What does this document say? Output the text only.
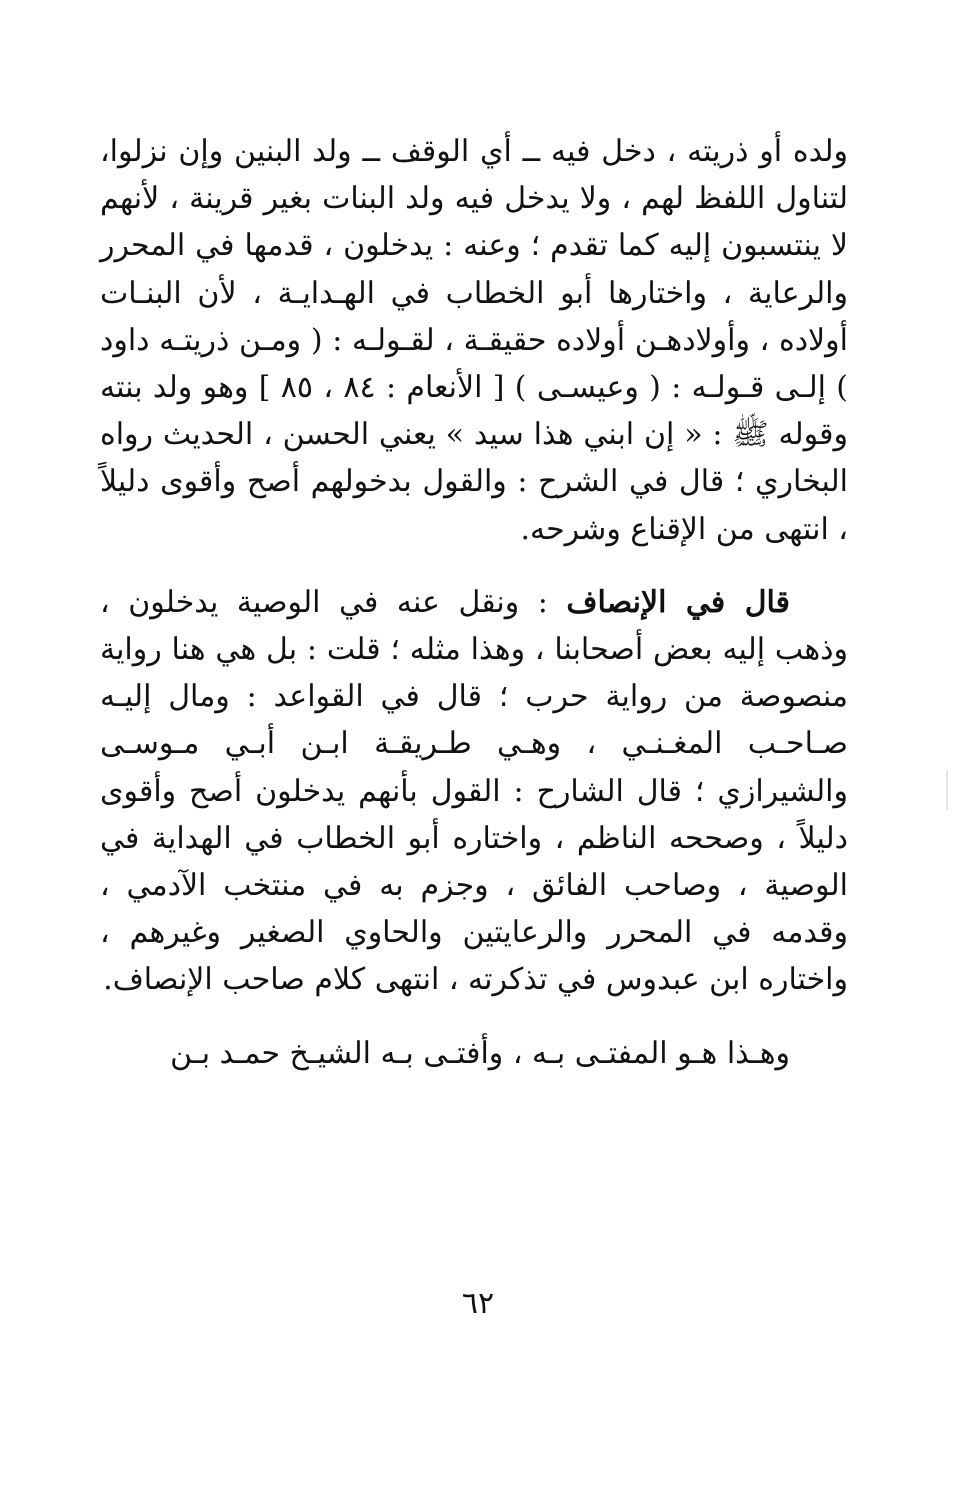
ولده أو ذريته ، دخل فيه ــ أي الوقف ــ ولد البنين وإن نزلوا، لتناول اللفظ لهم ، ولا يدخل فيه ولد البنات بغير قرينة ، لأنهم لا ينتسبون إليه كما تقدم ؛ وعنه : يدخلون ، قدمها في المحرر والرعاية ، واختارها أبو الخطاب في الهـدايـة ، لأن البنـات أولاده ، وأولادهـن أولاده حقيقـة ، لقـولـه : ( ومـن ذريتـه داود ) إلـى قـولـه : ( وعيسـى ) [ الأنعام : ٨٤ ، ٨٥ ] وهو ولد بنته وقوله ﷺ : « إن ابني هذا سيد » يعني الحسن ، الحديث رواه البخاري ؛ قال في الشرح : والقول بدخولهم أصح وأقوى دليلاً ، انتهى من الإقناع وشرحه.

قال في الإنصاف : ونقل عنه في الوصية يدخلون ، وذهب إليه بعض أصحابنا ، وهذا مثله ؛ قلت : بل هي هنا رواية منصوصة من رواية حرب ؛ قال في القواعد : ومال إليـه صـاحـب المغـنـي ، وهـي طـريقـة ابـن أبـي مـوسـى والشيرازي ؛ قال الشارح : القول بأنهم يدخلون أصح وأقوى دليلاً ، وصححه الناظم ، واختاره أبو الخطاب في الهداية في الوصية ، وصاحب الفائق ، وجزم به في منتخب الآدمي ، وقدمه في المحرر والرعايتين والحاوي الصغير وغيرهم ، واختاره ابن عبدوس في تذكرته ، انتهى كلام صاحب الإنصاف.

وهـذا هـو المفتـى بـه ، وأفتـى بـه الشيـخ حمـد بـن

٦٢
